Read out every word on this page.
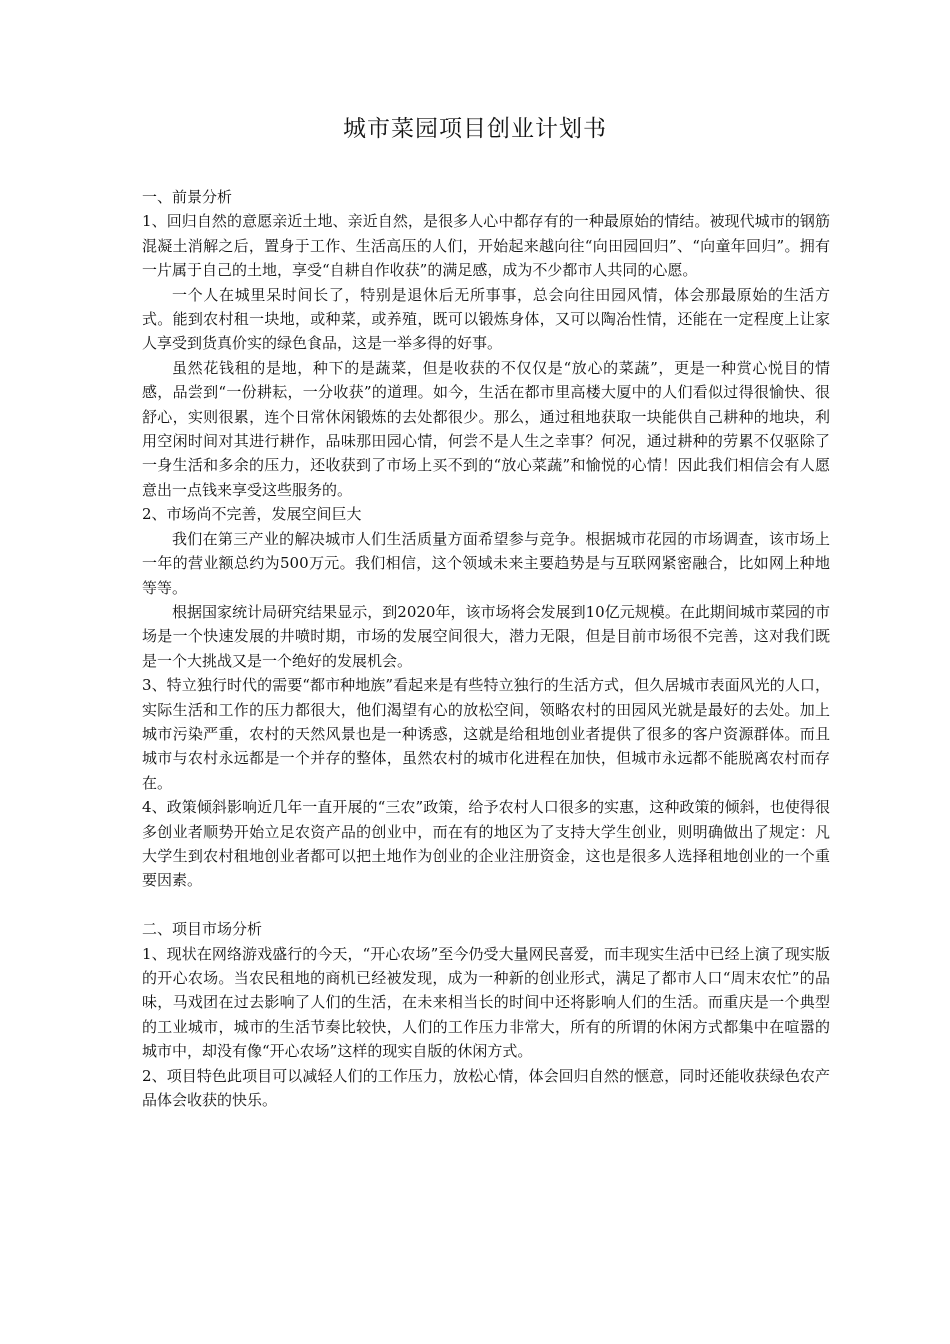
城市菜园项目创业计划书

一、前景分析

1、回归自然的意愿亲近土地、亲近自然，是很多人心中都存有的一种最原始的情结。被现代城市的钢筋混凝土消解之后，置身于工作、生活高压的人们，开始起来越向往“向田园回归”、“向童年回归”。拥有一片属于自己的土地，享受“自耕自作收获”的满足感，成为不少都市人共同的心愿。

一个人在城里呆时间长了，特别是退休后无所事事，总会向往田园风情，体会那最原始的生活方式。能到农村租一块地，或种菜，或养殖，既可以锻炼身体，又可以陶冶性情，还能在一定程度上让家人享受到货真价实的绿色食品，这是一举多得的好事。

虽然花钱租的是地，种下的是蔬菜，但是收获的不仅仅是“放心的菜蔬”，更是一种赏心悦目的情感，品尝到“一份耕耘，一分收获”的道理。如今，生活在都市里高楼大厦中的人们看似过得很愉快、很舒心，实则很累，连个日常休闲锻炼的去处都很少。那么，通过租地获取一块能供自己耕种的地块，利用空闲时间对其进行耕作，品味那田园心情，何尝不是人生之幸事？何况，通过耕种的劳累不仅驱除了一身生活和多余的压力，还收获到了市场上买不到的“放心菜蔬”和愉悦的心情！因此我们相信会有人愿意出一点钱来享受这些服务的。

2、市场尚不完善，发展空间巨大

我们在第三产业的解决城市人们生活质量方面希望参与竞争。根据城市花园的市场调查，该市场上一年的营业额总约为500万元。我们相信，这个领域未来主要趋势是与互联网紧密融合，比如网上种地等等。

根据国家统计局研究结果显示，到2020年，该市场将会发展到10亿元规模。在此期间城市菜园的市场是一个快速发展的井喷时期，市场的发展空间很大，潜力无限，但是目前市场很不完善，这对我们既是一个大挑战又是一个绝好的发展机会。

3、特立独行时代的需要“都市种地族”看起来是有些特立独行的生活方式，但久居城市表面风光的人口，实际生活和工作的压力都很大，他们渴望有心的放松空间，领略农村的田园风光就是最好的去处。加上城市污染严重，农村的天然风景也是一种诱惑，这就是给租地创业者提供了很多的客户资源群体。而且城市与农村永远都是一个并存的整体，虽然农村的城市化进程在加快，但城市永远都不能脱离农村而存在。

4、政策倾斜影响近几年一直开展的“三农”政策，给予农村人口很多的实惠，这种政策的倾斜，也使得很多创业者顺势开始立足农资产品的创业中，而在有的地区为了支持大学生创业，则明确做出了规定：凡大学生到农村租地创业者都可以把土地作为创业的企业注册资金，这也是很多人选择租地创业的一个重要因素。

二、项目市场分析

1、现状在网络游戏盛行的今天，“开心农场”至今仍受大量网民喜爱，而丰现实生活中已经上演了现实版的开心农场。当农民租地的商机已经被发现，成为一种新的创业形式，满足了都市人口“周末农忙”的品味，马戏团在过去影响了人们的生活，在未来相当长的时间中还将影响人们的生活。而重庆是一个典型的工业城市，城市的生活节奏比较快，人们的工作压力非常大，所有的所谓的休闲方式都集中在喧嚣的城市中，却没有像“开心农场”这样的现实自版的休闲方式。

2、项目特色此项目可以减轻人们的工作压力，放松心情，体会回归自然的惬意，同时还能收获绿色农产品体会收获的快乐。
